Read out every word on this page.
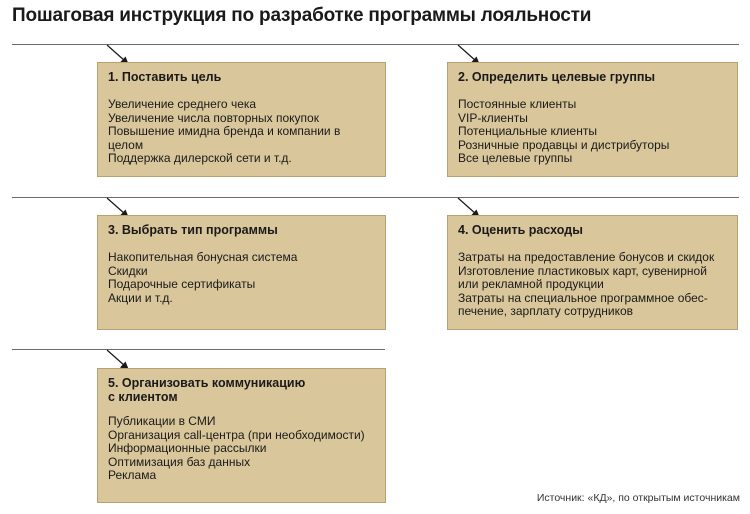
Пошаговая инструкция по разработке программы лояльности
1. Поставить цель
Увеличение среднего чека
Увеличение числа повторных покупок
Повышение имидна бренда и компании в целом
Поддержка дилерской сети и т.д.
2. Определить целевые группы
Постоянные клиенты
VIP-клиенты
Потенциальные клиенты
Розничные продавцы и дистрибуторы
Все целевые группы
3. Выбрать тип программы
Накопительная бонусная система
Скидки
Подарочные сертификаты
Акции и т.д.
4. Оценить расходы
Затраты на предоставление бонусов и скидок
Изготовление пластиковых карт, сувенирной
или рекламной продукции
Затраты на специальное программное обес-
печение, зарплату сотрудников
5. Организовать коммуникацию
с клиентом
Публикации в СМИ
Организация call-центра (при необходимости)
Информационные рассылки
Оптимизация баз данных
Реклама
Источник: «КД», по открытым источникам
